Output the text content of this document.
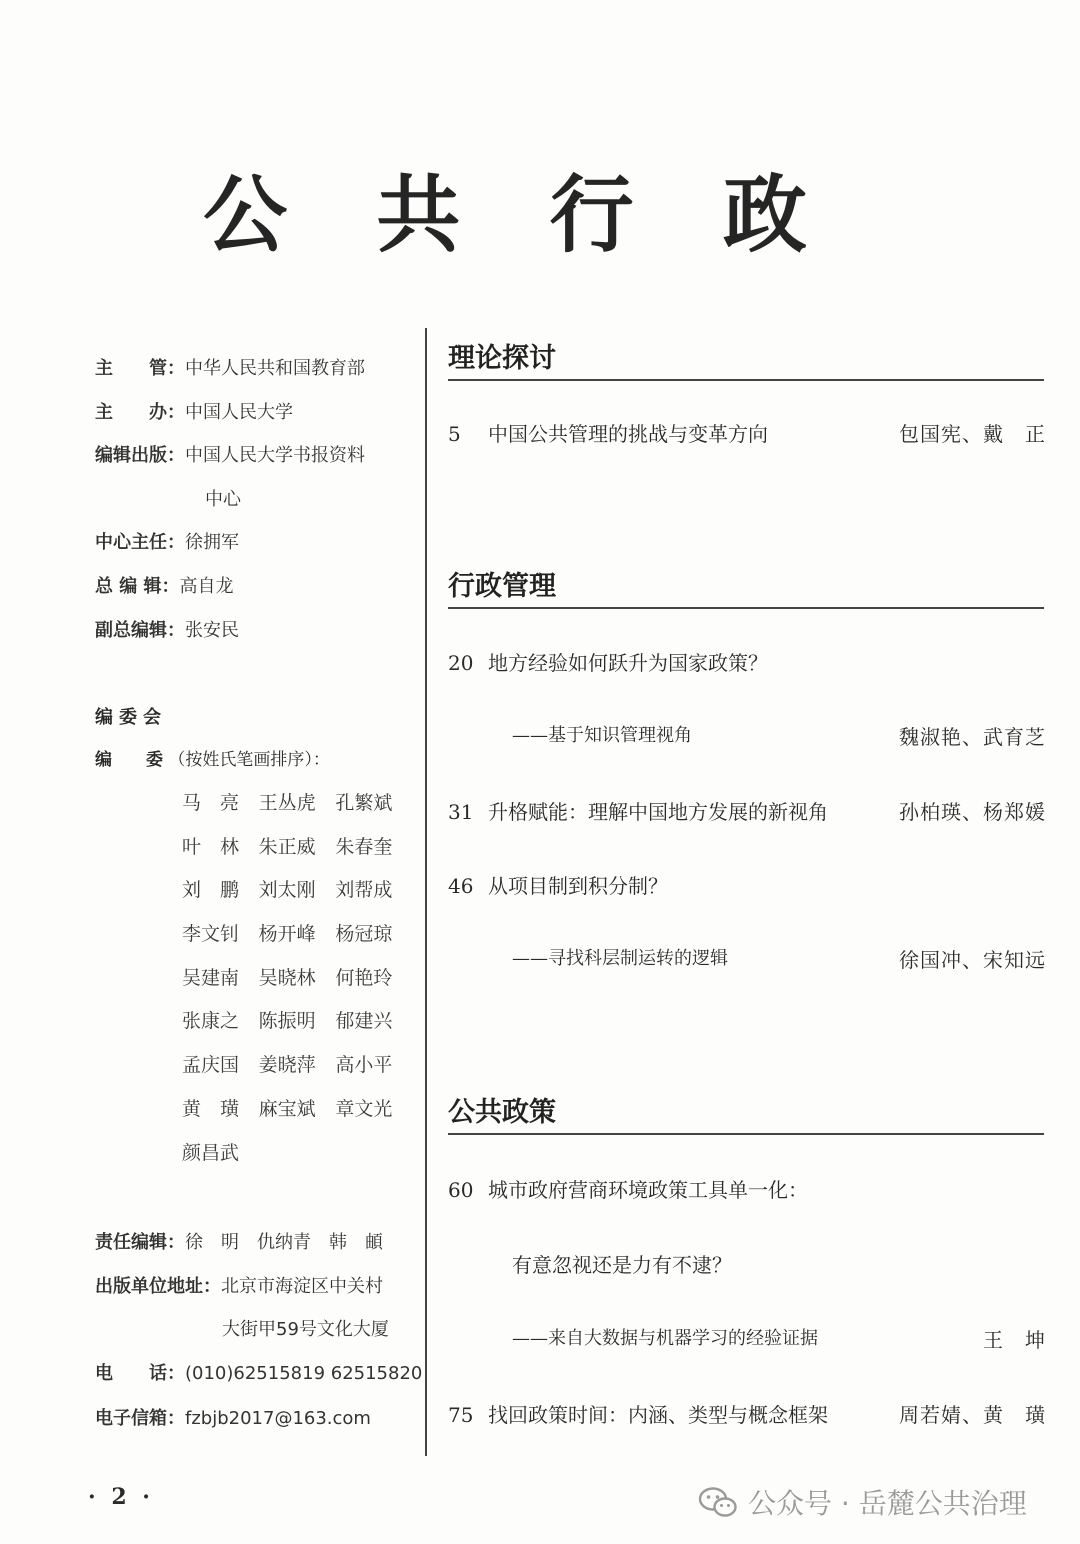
公 共 行 政
主　　管：中华人民共和国教育部
主　　办：中国人民大学
编辑出版：中国人民大学书报资料
中心
中心主任：徐拥军
总 编 辑：高自龙
副总编辑：张安民
编委会
编　　委 （按姓氏笔画排序）：
马　亮	王丛虎	孔繁斌
叶　林	朱正威	朱春奎
刘　鹏	刘太刚	刘帮成
李文钊	杨开峰	杨冠琼
吴建南	吴晓林	何艳玲
张康之	陈振明	郁建兴
孟庆国	姜晓萍	高小平
黄　璜	麻宝斌	章文光
颜昌武
责任编辑：徐　明　仇纳青　韩　頔
出版单位地址：北京市海淀区中关村
大街甲59号文化大厦
电　　话：(010)62515819 62515820
电子信箱：fzbjb2017@163.com
理论探讨
5 中国公共管理的挑战与变革方向	包国宪、戴　正
行政管理
20 地方经验如何跃升为国家政策？
——基于知识管理视角	魏淑艳、武育芝
31 升格赋能：理解中国地方发展的新视角	孙柏瑛、杨郑媛
46 从项目制到积分制？
——寻找科层制运转的逻辑	徐国冲、宋知远
公共政策
60 城市政府营商环境政策工具单一化：
有意忽视还是力有不逮？
——来自大数据与机器学习的经验证据	王　坤
75 找回政策时间：内涵、类型与概念框架	周若婧、黄　璜
· 2 ·	公众号 · 岳麓公共治理
